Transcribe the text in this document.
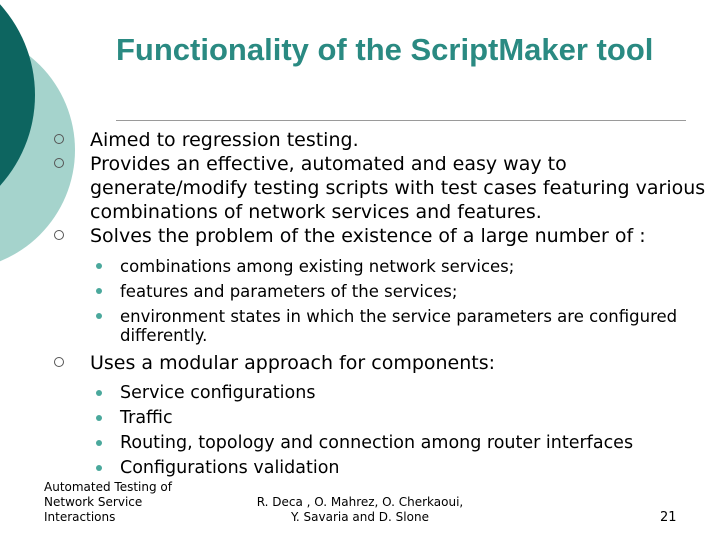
Functionality of the ScriptMaker tool
Aimed to regression testing.
Provides an effective, automated and easy way to generate/modify testing scripts with test cases featuring various combinations of network services and features.
Solves the problem of the existence of a large number of :
combinations among existing network services;
features and parameters of the services;
environment states in which the service parameters are configured differently.
Uses a modular approach for components:
Service configurations
Traffic
Routing, topology and connection among router interfaces
Configurations validation
Automated Testing of Network Service Interactions
R. Deca , O. Mahrez, O. Cherkaoui,
Y. Savaria and D. Slone	21
